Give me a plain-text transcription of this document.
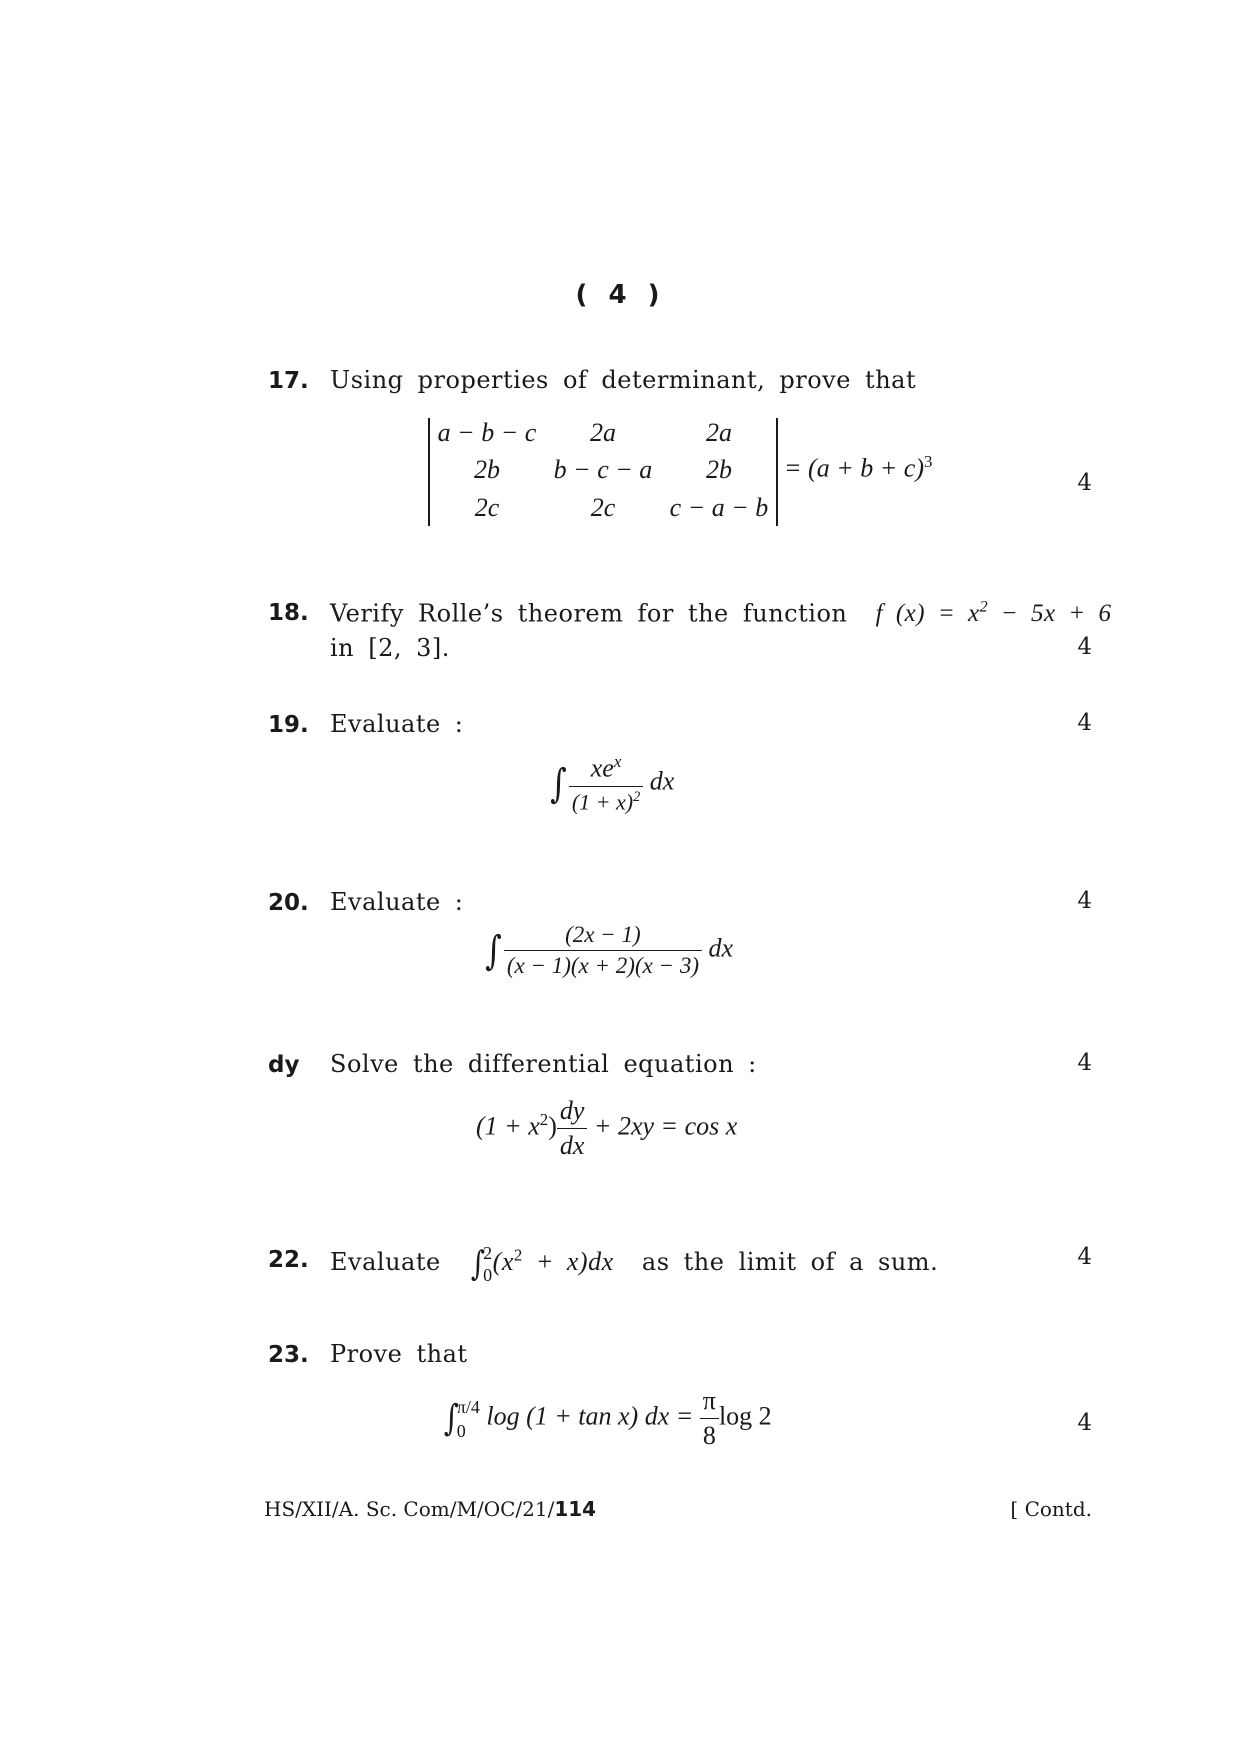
( 4 )
17. Using properties of determinant, prove that
a − b − c	2a	2a
2b	b − c − a	2b
2c	2c	c − a − b
= $(a + b + c)^3$
4
18. Verify Rolle’s theorem for the function f $(x) = x^2 - 5x + 6$
in [2, 3].	4
19. Evaluate :	4
∫ $\frac{xe^x}{(1 + x)^2}$ dx
20. Evaluate :	4
∫ $\frac{(2x - 1)}{(x - 1)(x + 2)(x - 3)}$ dx
dy Solve the differential equation :	4
$(1 + x^2) \frac{dy}{dx} + 2xy = \cos x$
22. Evaluate ∫
2
0 $(x^2 + x)dx$ as the limit of a sum.	4
23. Prove that
∫
π/4
0
log (1 + tan x) dx = $\frac{\pi}{8}$ log 2	4
HS/XII/A. Sc. Com/M/OC/21/114	[ Contd.
